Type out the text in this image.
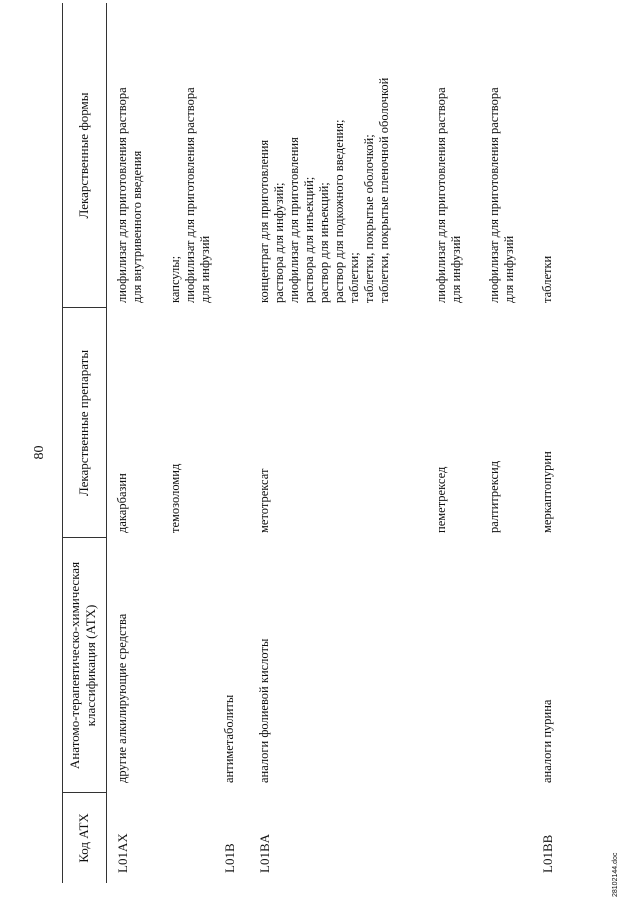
80
Код АТХ
Анатомо-терапевтическо-химическая классификация (АТХ)
Лекарственные препараты
Лекарственные формы
L01AX
другие алкилирующие средства
дакарбазин
лиофилизат для приготовления раствора для внутривенного введения
темозоломид
капсулы; лиофилизат для приготовления раствора для инфузий
L01B
антиметаболиты
L01BA
аналоги фолиевой кислоты
метотрексат
концентрат для приготовления раствора для инфузий; лиофилизат для приготовления раствора для инъекций; раствор для инъекций; раствор для подкожного введения; таблетки; таблетки, покрытые оболочкой; таблетки, покрытые пленочной оболочкой
пеметрексед
лиофилизат для приготовления раствора для инфузий
ралтитрексид
лиофилизат для приготовления раствора для инфузий
L01BB
аналоги пурина
меркаптопурин
таблетки
28102144.doc
